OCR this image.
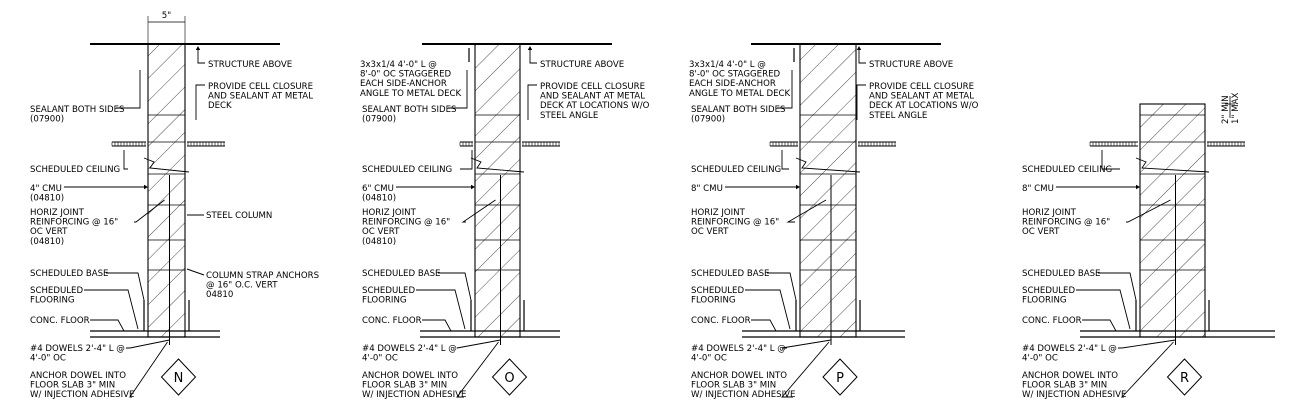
STRUCTURE ABOVE
PROVIDE CELL CLOSURE
AND SEALANT AT METAL
DECK
SEALANT BOTH SIDES
(07900)
5"
SCHEDULED CEILING
4" CMU
(04810)
HORIZ JOINT
REINFORCING @ 16"
OC VERT
(04810)
STEEL COLUMN
COLUMN STRAP ANCHORS
@ 16" O.C. VERT
04810
SCHEDULED BASE
SCHEDULED
FLOORING
CONC. FLOOR
#4 DOWELS 2'-4" L @
4'-0" OC
ANCHOR DOWEL INTO
FLOOR SLAB 3" MIN
W/ INJECTION ADHESIVE
N
STRUCTURE ABOVE
PROVIDE CELL CLOSURE
AND SEALANT AT METAL
DECK AT LOCATIONS W/O
STEEL ANGLE
SEALANT BOTH SIDES
(07900)
3x3x1/4 4'-0" L @
8'-0" OC STAGGERED
EACH SIDE-ANCHOR
ANGLE TO METAL DECK
SCHEDULED CEILING
6" CMU
(04810)
HORIZ JOINT
REINFORCING @ 16"
OC VERT
(04810)
SCHEDULED BASE
SCHEDULED
FLOORING
CONC. FLOOR
#4 DOWELS 2'-4" L @
4'-0" OC
ANCHOR DOWEL INTO
FLOOR SLAB 3" MIN
W/ INJECTION ADHESIVE
O
STRUCTURE ABOVE
PROVIDE CELL CLOSURE
AND SEALANT AT METAL
DECK AT LOCATIONS W/O
STEEL ANGLE
SEALANT BOTH SIDES
(07900)
3x3x1/4 4'-0" L @
8'-0" OC STAGGERED
EACH SIDE-ANCHOR
ANGLE TO METAL DECK
SCHEDULED CEILING
8" CMU
HORIZ JOINT
REINFORCING @ 16"
OC VERT
SCHEDULED BASE
SCHEDULED
FLOORING
CONC. FLOOR
#4 DOWELS 2'-4" L @
4'-0" OC
ANCHOR DOWEL INTO
FLOOR SLAB 3" MIN
W/ INJECTION ADHESIVE
P
2" MIN 1" MAX
SCHEDULED CEILING
8" CMU
HORIZ JOINT
REINFORCING @ 16"
OC VERT
SCHEDULED BASE
SCHEDULED
FLOORING
CONC. FLOOR
#4 DOWELS 2'-4" L @
4'-0" OC
ANCHOR DOWEL INTO
FLOOR SLAB 3" MIN
W/ INJECTION ADHESIVE
R
